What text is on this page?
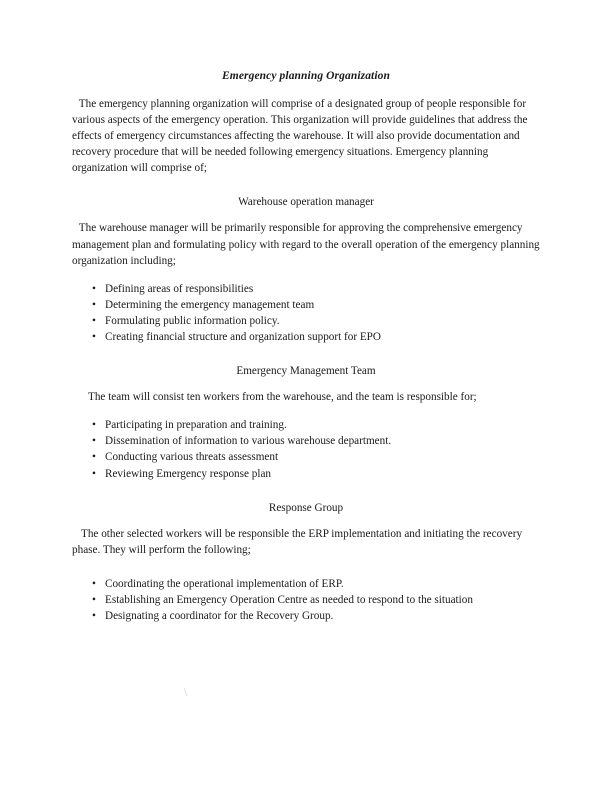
Emergency planning Organization

The emergency planning organization will comprise of a designated group of people responsible for various aspects of the emergency operation. This organization will provide guidelines that address the effects of emergency circumstances affecting the warehouse. It will also provide documentation and recovery procedure that will be needed following emergency situations. Emergency planning organization will comprise of;

Warehouse operation manager

The warehouse manager will be primarily responsible for approving the comprehensive emergency management plan and formulating policy with regard to the overall operation of the emergency planning organization including;

• Defining areas of responsibilities
• Determining the emergency management team
• Formulating public information policy.
• Creating financial structure and organization support for EPO
Emergency Management Team

The team will consist ten workers from the warehouse, and the team is responsible for;

• Participating in preparation and training.
• Dissemination of information to various warehouse department.
• Conducting various threats assessment
• Reviewing Emergency response plan
Response Group

The other selected workers will be responsible the ERP implementation and initiating the recovery phase. They will perform the following;

• Coordinating the operational implementation of ERP.
• Establishing an Emergency Operation Centre as needed to respond to the situation
• Designating a coordinator for the Recovery Group.
\
